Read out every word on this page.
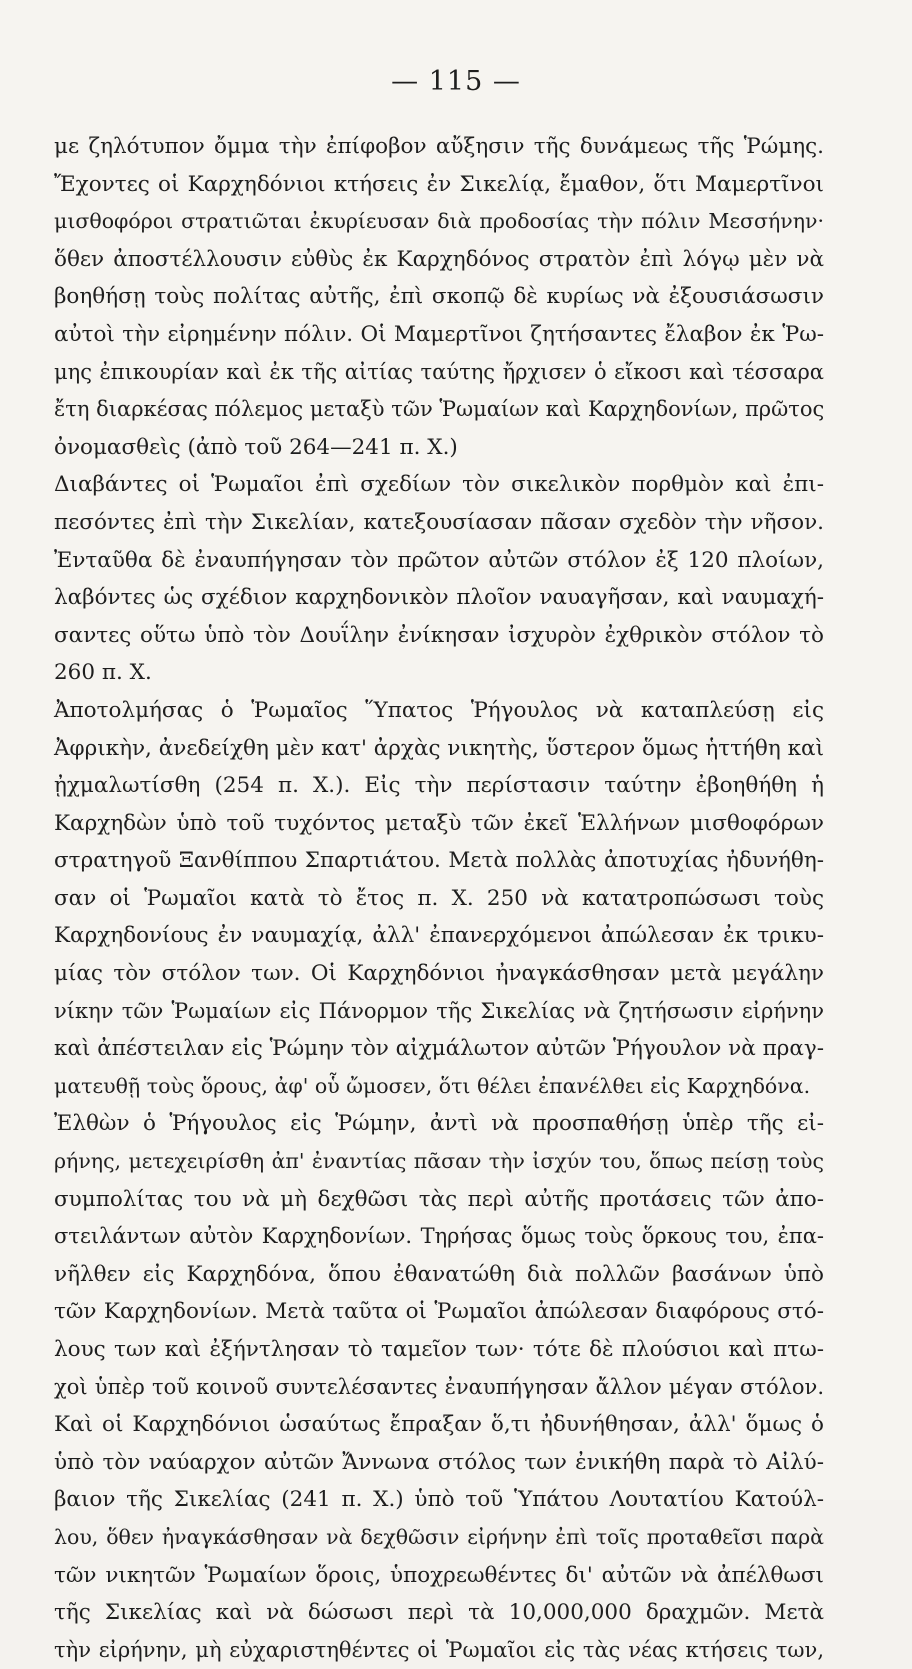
— 115 —
με ζηλότυπον ὄμμα τὴν ἐπίφοβον αὔξησιν τῆς δυνάμεως τῆς Ῥώμης.
Ἔχοντες οἱ Καρχηδόνιοι κτήσεις ἐν Σικελίᾳ, ἔμαθον, ὅτι Μαμερτῖνοι
μισθοφόροι στρατιῶται ἐκυρίευσαν διὰ προδοσίας τὴν πόλιν Μεσσήνην·
ὅθεν ἀποστέλλουσιν εὐθὺς ἐκ Καρχηδόνος στρατὸν ἐπὶ λόγῳ μὲν νὰ
βοηθήσῃ τοὺς πολίτας αὐτῆς, ἐπὶ σκοπῷ δὲ κυρίως νὰ ἐξουσιάσωσιν
αὐτοὶ τὴν εἰρημένην πόλιν. Οἱ Μαμερτῖνοι ζητήσαντες ἔλαβον ἐκ Ῥω-
μης ἐπικουρίαν καὶ ἐκ τῆς αἰτίας ταύτης ἤρχισεν ὁ εἴκοσι καὶ τέσσαρα
ἔτη διαρκέσας πόλεμος μεταξὺ τῶν Ῥωμαίων καὶ Καρχηδονίων, πρῶτος
ὀνομασθεὶς (ἀπὸ τοῦ 264—241 π. Χ.)
Διαβάντες οἱ Ῥωμαῖοι ἐπὶ σχεδίων τὸν σικελικὸν πορθμὸν καὶ ἐπι-
πεσόντες ἐπὶ τὴν Σικελίαν, κατεξουσίασαν πᾶσαν σχεδὸν τὴν νῆσον.
Ἐνταῦθα δὲ ἐναυπήγησαν τὸν πρῶτον αὐτῶν στόλον ἐξ 120 πλοίων,
λαβόντες ὡς σχέδιον καρχηδονικὸν πλοῖον ναυαγῆσαν, καὶ ναυμαχή-
σαντες οὕτω ὑπὸ τὸν Δουΐλην ἐνίκησαν ἰσχυρὸν ἐχθρικὸν στόλον τὸ
260 π. Χ.
Ἀποτολμήσας ὁ Ῥωμαῖος Ὕπατος Ῥήγουλος νὰ καταπλεύσῃ εἰς
Ἀφρικὴν, ἀνεδείχθη μὲν κατ' ἀρχὰς νικητὴς, ὕστερον ὅμως ἡττήθη καὶ
ᾐχμαλωτίσθη (254 π. Χ.). Εἰς τὴν περίστασιν ταύτην ἐβοηθήθη ἡ
Καρχηδὼν ὑπὸ τοῦ τυχόντος μεταξὺ τῶν ἐκεῖ Ἑλλήνων μισθοφόρων
στρατηγοῦ Ξανθίππου Σπαρτιάτου. Μετὰ πολλὰς ἀποτυχίας ἠδυνήθη-
σαν οἱ Ῥωμαῖοι κατὰ τὸ ἔτος π. Χ. 250 νὰ κατατροπώσωσι τοὺς
Καρχηδονίους ἐν ναυμαχίᾳ, ἀλλ' ἐπανερχόμενοι ἀπώλεσαν ἐκ τρικυ-
μίας τὸν στόλον των. Οἱ Καρχηδόνιοι ἠναγκάσθησαν μετὰ μεγάλην
νίκην τῶν Ῥωμαίων εἰς Πάνορμον τῆς Σικελίας νὰ ζητήσωσιν εἰρήνην
καὶ ἀπέστειλαν εἰς Ῥώμην τὸν αἰχμάλωτον αὐτῶν Ῥήγουλον νὰ πραγ-
ματευθῇ τοὺς ὅρους, ἀφ' οὗ ὤμοσεν, ὅτι θέλει ἐπανέλθει εἰς Καρχηδόνα.
Ἐλθὼν ὁ Ῥήγουλος εἰς Ῥώμην, ἀντὶ νὰ προσπαθήσῃ ὑπὲρ τῆς εἰ-
ρήνης, μετεχειρίσθη ἀπ' ἐναντίας πᾶσαν τὴν ἰσχύν του, ὅπως πείσῃ τοὺς
συμπολίτας του νὰ μὴ δεχθῶσι τὰς περὶ αὐτῆς προτάσεις τῶν ἀπο-
στειλάντων αὐτὸν Καρχηδονίων. Τηρήσας ὅμως τοὺς ὅρκους του, ἐπα-
νῆλθεν εἰς Καρχηδόνα, ὅπου ἐθανατώθη διὰ πολλῶν βασάνων ὑπὸ
τῶν Καρχηδονίων. Μετὰ ταῦτα οἱ Ῥωμαῖοι ἀπώλεσαν διαφόρους στό-
λους των καὶ ἐξήντλησαν τὸ ταμεῖον των· τότε δὲ πλούσιοι καὶ πτω-
χοὶ ὑπὲρ τοῦ κοινοῦ συντελέσαντες ἐναυπήγησαν ἄλλον μέγαν στόλον.
Καὶ οἱ Καρχηδόνιοι ὡσαύτως ἔπραξαν ὅ,τι ἠδυνήθησαν, ἀλλ' ὅμως ὁ
ὑπὸ τὸν ναύαρχον αὐτῶν Ἄννωνα στόλος των ἐνικήθη παρὰ τὸ Αἰλύ-
βαιον τῆς Σικελίας (241 π. Χ.) ὑπὸ τοῦ Ὑπάτου Λουτατίου Κατούλ-
λου, ὅθεν ἠναγκάσθησαν νὰ δεχθῶσιν εἰρήνην ἐπὶ τοῖς προταθεῖσι παρὰ
τῶν νικητῶν Ῥωμαίων ὅροις, ὑποχρεωθέντες δι' αὐτῶν νὰ ἀπέλθωσι
τῆς Σικελίας καὶ νὰ δώσωσι περὶ τὰ 10,000,000 δραχμῶν. Μετὰ
τὴν εἰρήνην, μὴ εὐχαριστηθέντες οἱ Ῥωμαῖοι εἰς τὰς νέας κτήσεις των,
